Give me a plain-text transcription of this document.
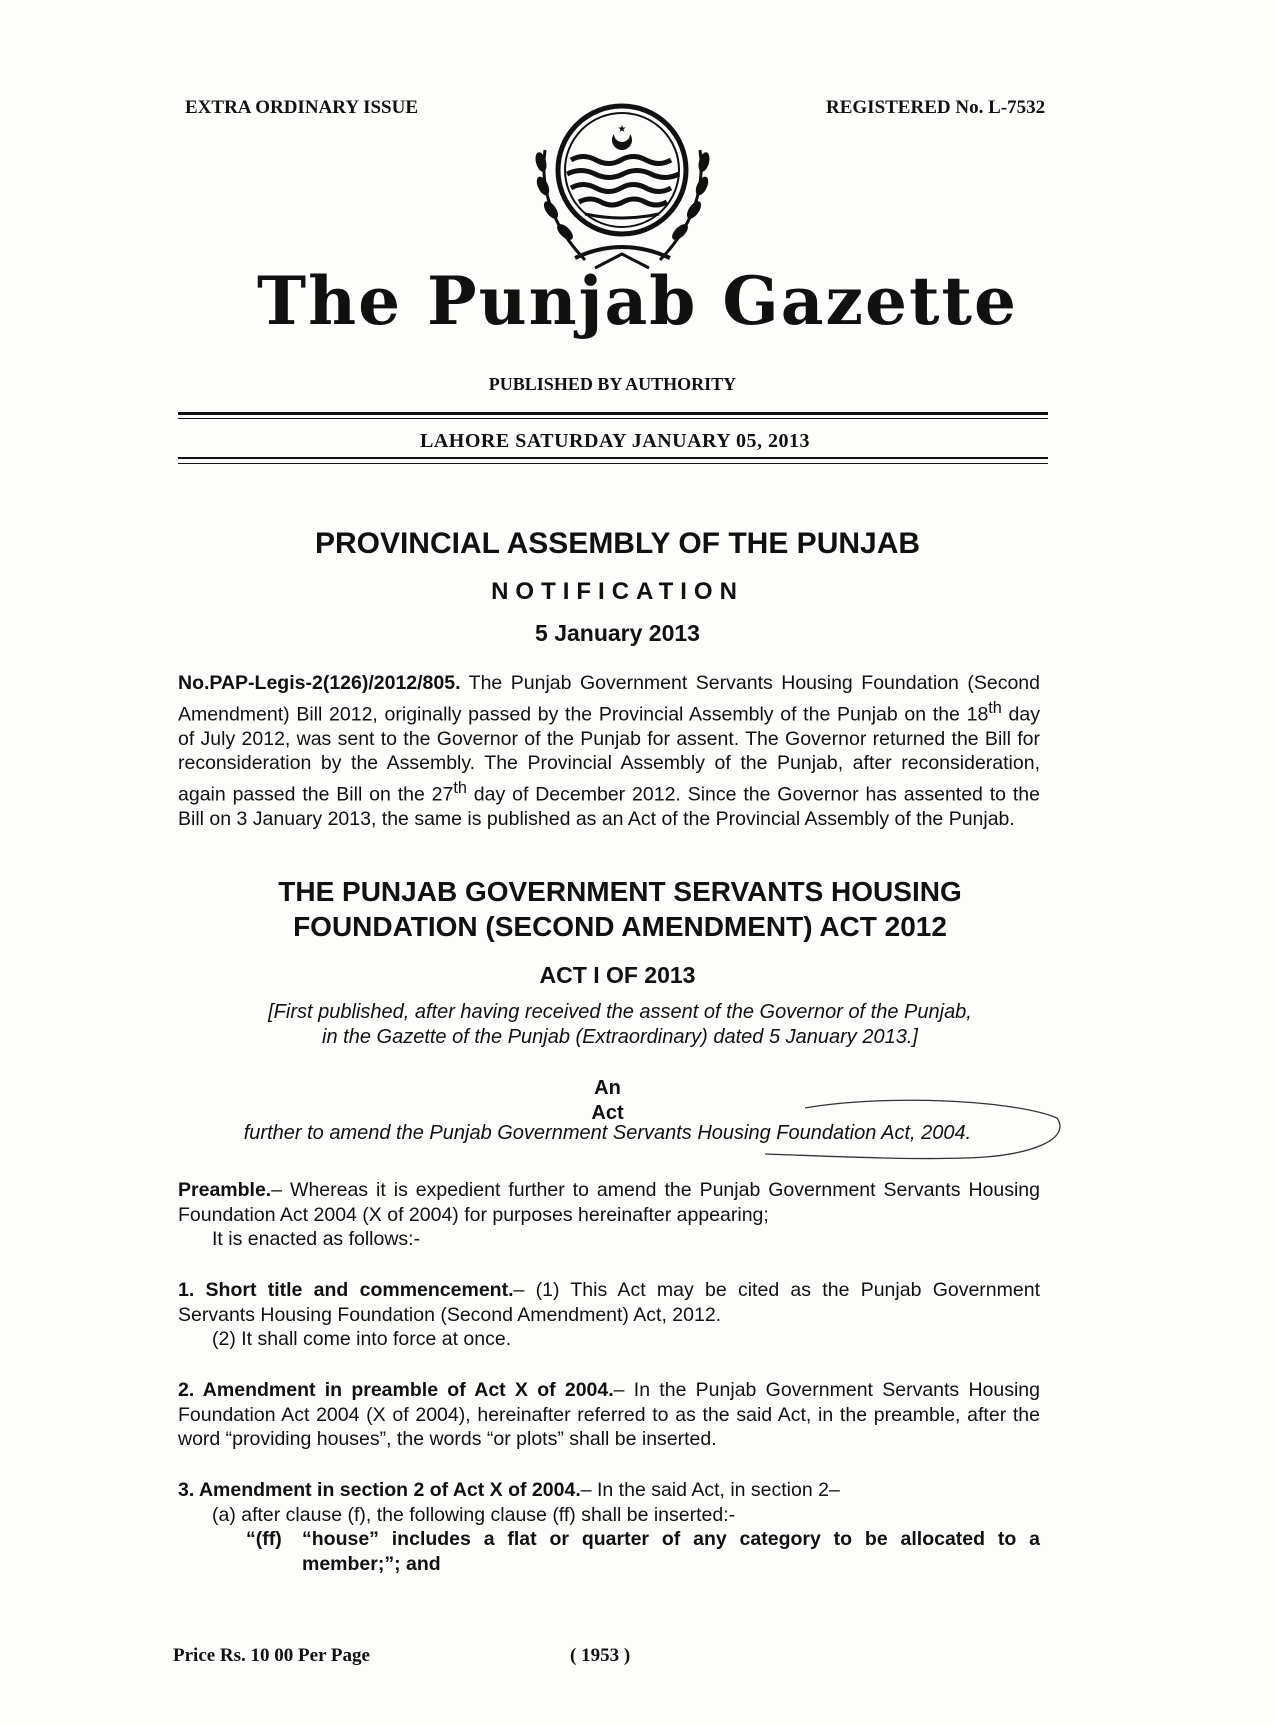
EXTRA ORDINARY ISSUE	REGISTERED No. L-7532
★
The Punjab Gazette
PUBLISHED BY AUTHORITY
LAHORE SATURDAY JANUARY 05, 2013
PROVINCIAL ASSEMBLY OF THE PUNJAB
NOTIFICATION
5 January 2013
No.PAP-Legis-2(126)/2012/805. The Punjab Government Servants Housing Foundation (Second Amendment) Bill 2012, originally passed by the Provincial Assembly of the Punjab on the 18th day of July 2012, was sent to the Governor of the Punjab for assent. The Governor returned the Bill for reconsideration by the Assembly. The Provincial Assembly of the Punjab, after reconsideration, again passed the Bill on the 27th day of December 2012. Since the Governor has assented to the Bill on 3 January 2013, the same is published as an Act of the Provincial Assembly of the Punjab.
THE PUNJAB GOVERNMENT SERVANTS HOUSING
FOUNDATION (SECOND AMENDMENT) ACT 2012
ACT I OF 2013
[First published, after having received the assent of the Governor of the Punjab,
in the Gazette of the Punjab (Extraordinary) dated 5 January 2013.]
An
Act
further to amend the Punjab Government Servants Housing Foundation Act, 2004.
Preamble.– Whereas it is expedient further to amend the Punjab Government Servants Housing Foundation Act 2004 (X of 2004) for purposes hereinafter appearing;
It is enacted as follows:-
1. Short title and commencement.– (1) This Act may be cited as the Punjab Government Servants Housing Foundation (Second Amendment) Act, 2012.
(2) It shall come into force at once.
2. Amendment in preamble of Act X of 2004.– In the Punjab Government Servants Housing Foundation Act 2004 (X of 2004), hereinafter referred to as the said Act, in the preamble, after the word “providing houses”, the words “or plots” shall be inserted.
3. Amendment in section 2 of Act X of 2004.– In the said Act, in section 2–
(a) after clause (f), the following clause (ff) shall be inserted:-
“(ff)	“house” includes a flat or quarter of any category to be allocated to a member;”; and
Price Rs. 10 00 Per Page	( 1953 )
